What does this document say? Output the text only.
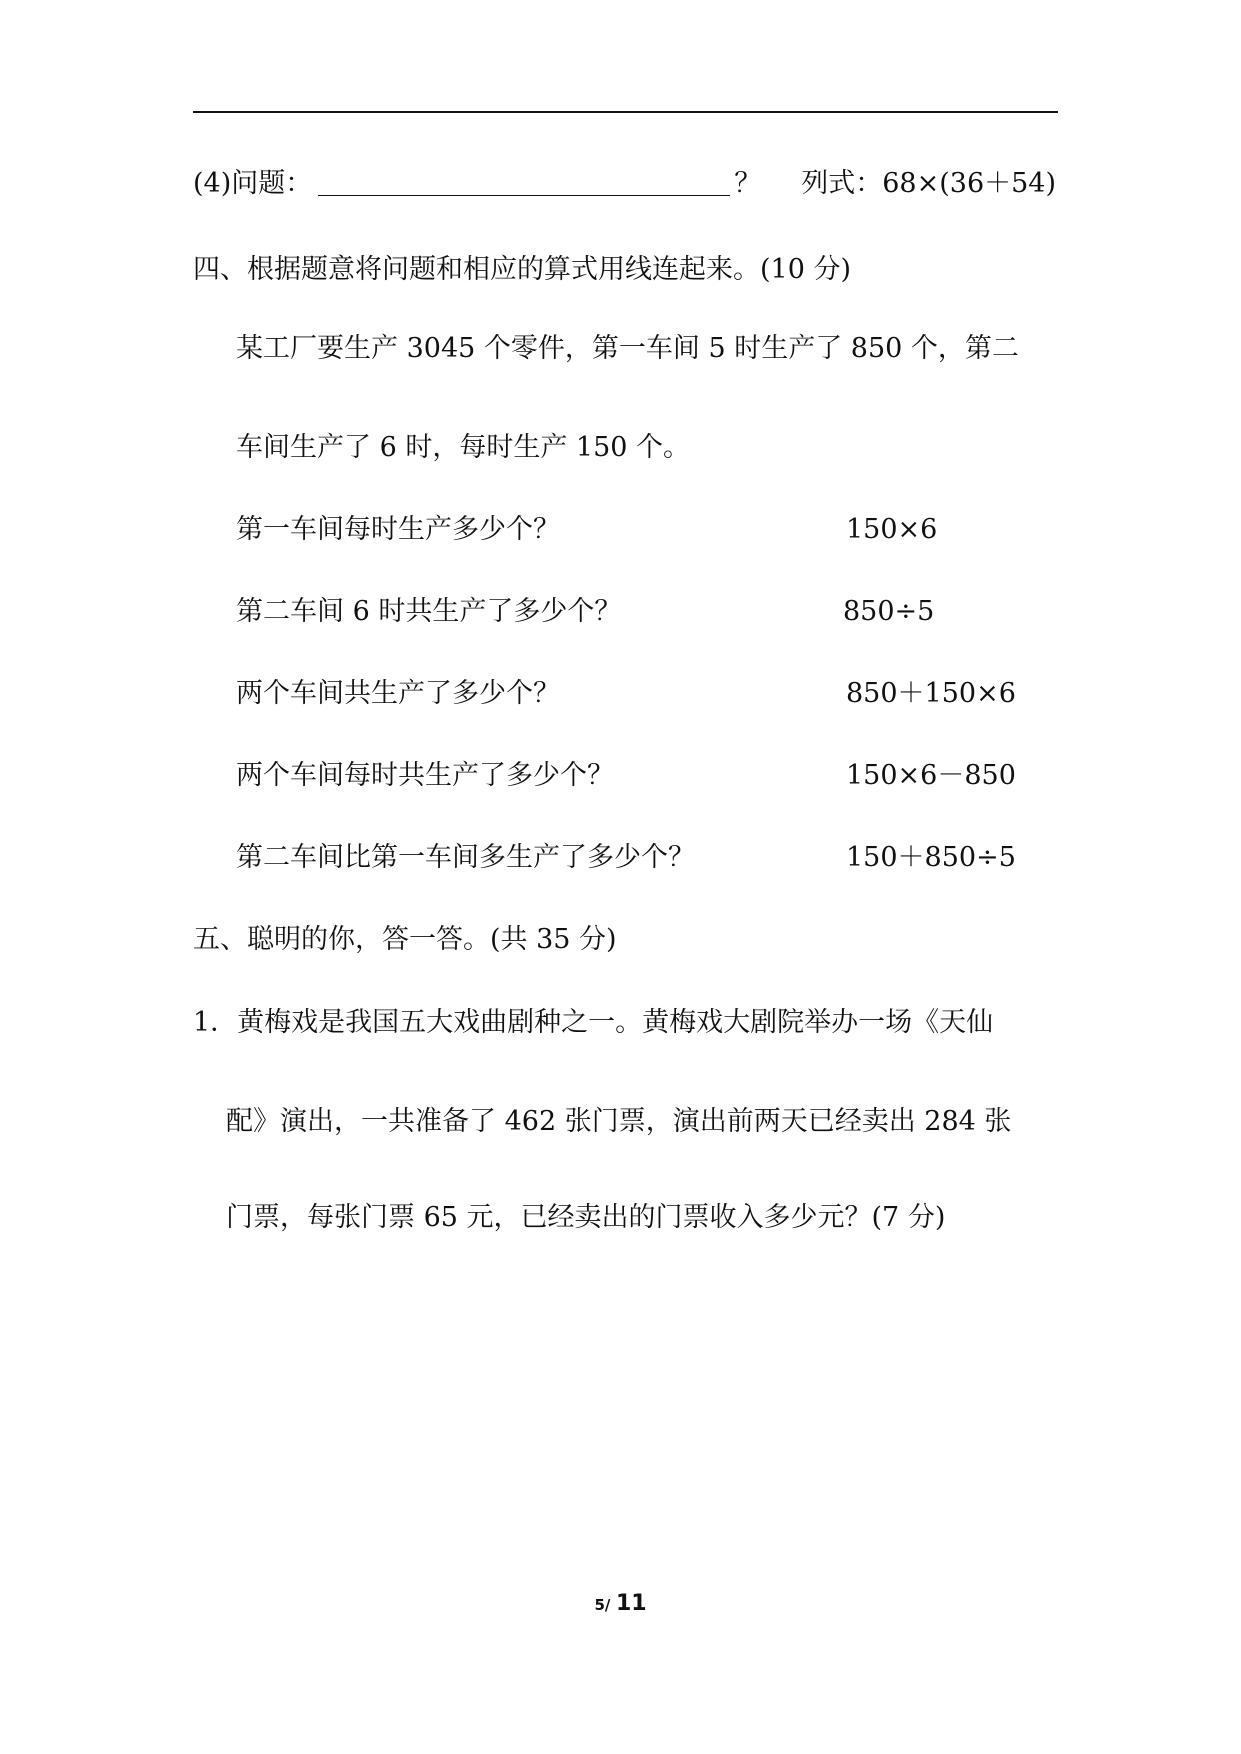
(4)问题：	？ 列式：68×(36＋54)
四、根据题意将问题和相应的算式用线连起来。(10 分)
某工厂要生产 3045 个零件，第一车间 5 时生产了 850 个，第二
车间生产了 6 时，每时生产 150 个。
第一车间每时生产多少个？
第二车间 6 时共生产了多少个？
两个车间共生产了多少个？
两个车间每时共生产了多少个？
第二车间比第一车间多生产了多少个？
150×6
850÷5
850＋150×6
150×6－850
150＋850÷5
五、聪明的你，答一答。(共 35 分)
1．黄梅戏是我国五大戏曲剧种之一。黄梅戏大剧院举办一场《天仙
配》演出，一共准备了 462 张门票，演出前两天已经卖出 284 张
门票，每张门票 65 元，已经卖出的门票收入多少元？(7 分)
5/ 11
